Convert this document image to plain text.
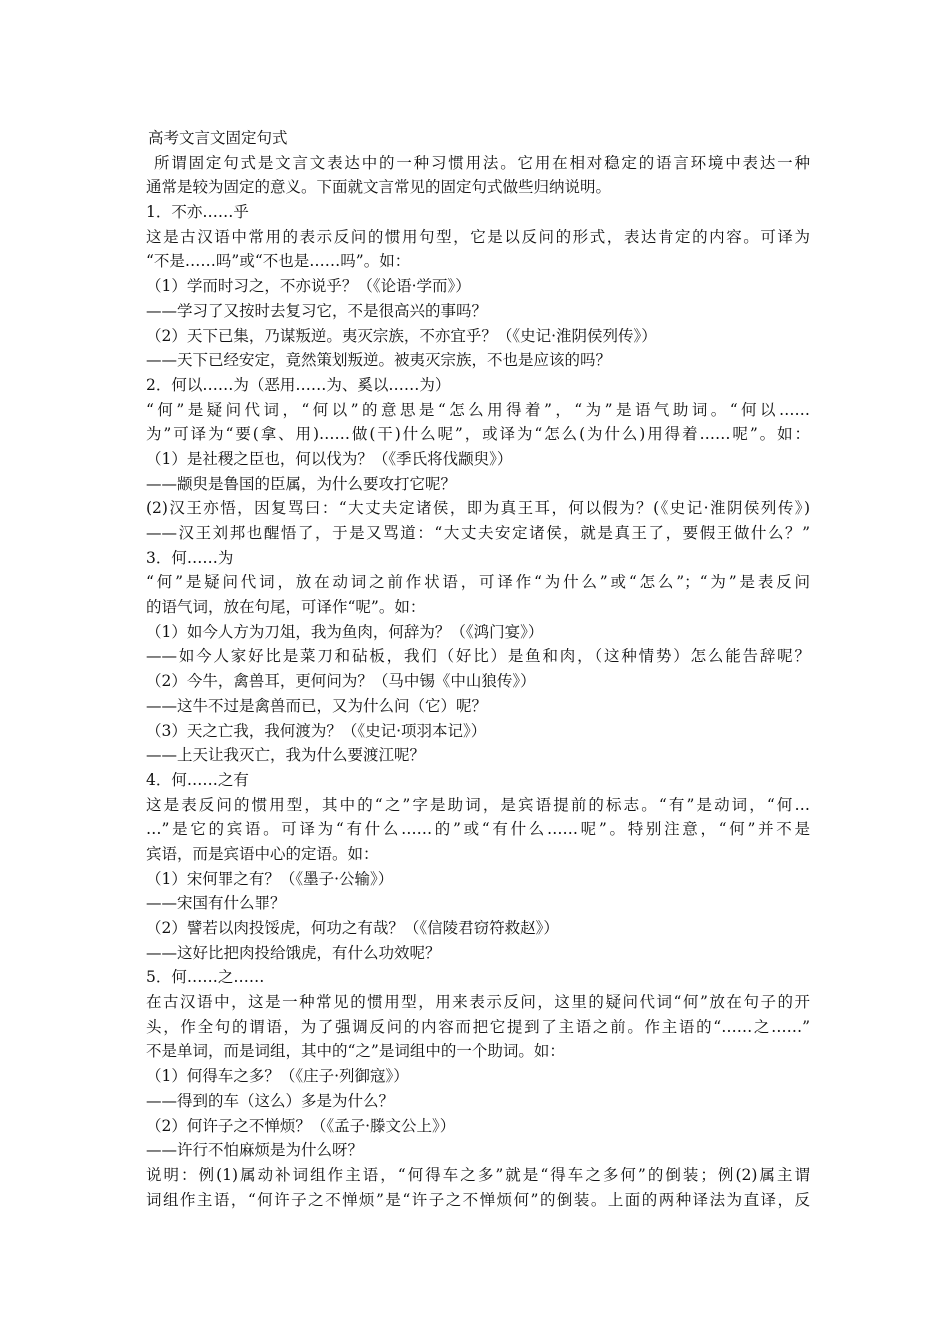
高考文言文固定句式
所谓固定句式是文言文表达中的一种习惯用法。它用在相对稳定的语言环境中表达一种
通常是较为固定的意义。下面就文言常见的固定句式做些归纳说明。
1．不亦……乎
这是古汉语中常用的表示反问的惯用句型，它是以反问的形式，表达肯定的内容。可译为
“不是……吗”或“不也是……吗”。如：
（1）学而时习之，不亦说乎？（《论语·学而》）
——学习了又按时去复习它，不是很高兴的事吗？
（2）天下已集，乃谋叛逆。夷灭宗族，不亦宜乎？（《史记·淮阴侯列传》）
——天下已经安定，竟然策划叛逆。被夷灭宗族，不也是应该的吗？
2．何以……为（恶用……为、奚以……为）
“何”是疑问代词，“何以”的意思是“怎么用得着”，“为”是语气助词。“何以……
为”可译为“要(拿、用)……做(干)什么呢”，或译为“怎么(为什么)用得着……呢”。如：
（1）是社稷之臣也，何以伐为？（《季氏将伐颛臾》）
——颛臾是鲁国的臣属，为什么要攻打它呢？
(2)汉王亦悟，因复骂曰：“大丈夫定诸侯，即为真王耳，何以假为？(《史记·淮阴侯列传》)
——汉王刘邦也醒悟了，于是又骂道：“大丈夫安定诸侯，就是真王了，要假王做什么？”
3．何……为
“何”是疑问代词，放在动词之前作状语，可译作“为什么”或“怎么”；“为”是表反问
的语气词，放在句尾，可译作“呢”。如：
（1）如今人方为刀俎，我为鱼肉，何辞为？（《鸿门宴》）
——如今人家好比是菜刀和砧板，我们（好比）是鱼和肉，（这种情势）怎么能告辞呢？
（2）今牛，禽兽耳，更何问为？（马中锡《中山狼传》）
——这牛不过是禽兽而已，又为什么问（它）呢？
（3）天之亡我，我何渡为？（《史记·项羽本记》）
——上天让我灭亡，我为什么要渡江呢？
4．何……之有
这是表反问的惯用型，其中的“之”字是助词，是宾语提前的标志。“有”是动词，“何…
…”是它的宾语。可译为“有什么……的”或“有什么……呢”。特别注意，“何”并不是
宾语，而是宾语中心的定语。如：
（1）宋何罪之有？（《墨子·公输》）
——宋国有什么罪？
（2）譬若以肉投馁虎，何功之有哉？（《信陵君窃符救赵》）
——这好比把肉投给饿虎，有什么功效呢？
5．何……之……
在古汉语中，这是一种常见的惯用型，用来表示反问，这里的疑问代词“何”放在句子的开
头，作全句的谓语，为了强调反问的内容而把它提到了主语之前。作主语的“……之……”
不是单词，而是词组，其中的“之”是词组中的一个助词。如：
（1）何得车之多？（《庄子·列御寇》）
——得到的车（这么）多是为什么？
（2）何许子之不惮烦？（《孟子·滕文公上》）
——许行不怕麻烦是为什么呀？
说明：例(1)属动补词组作主语，“何得车之多”就是“得车之多何”的倒装；例(2)属主谓
词组作主语，“何许子之不惮烦”是“许子之不惮烦何”的倒装。上面的两种译法为直译，反
